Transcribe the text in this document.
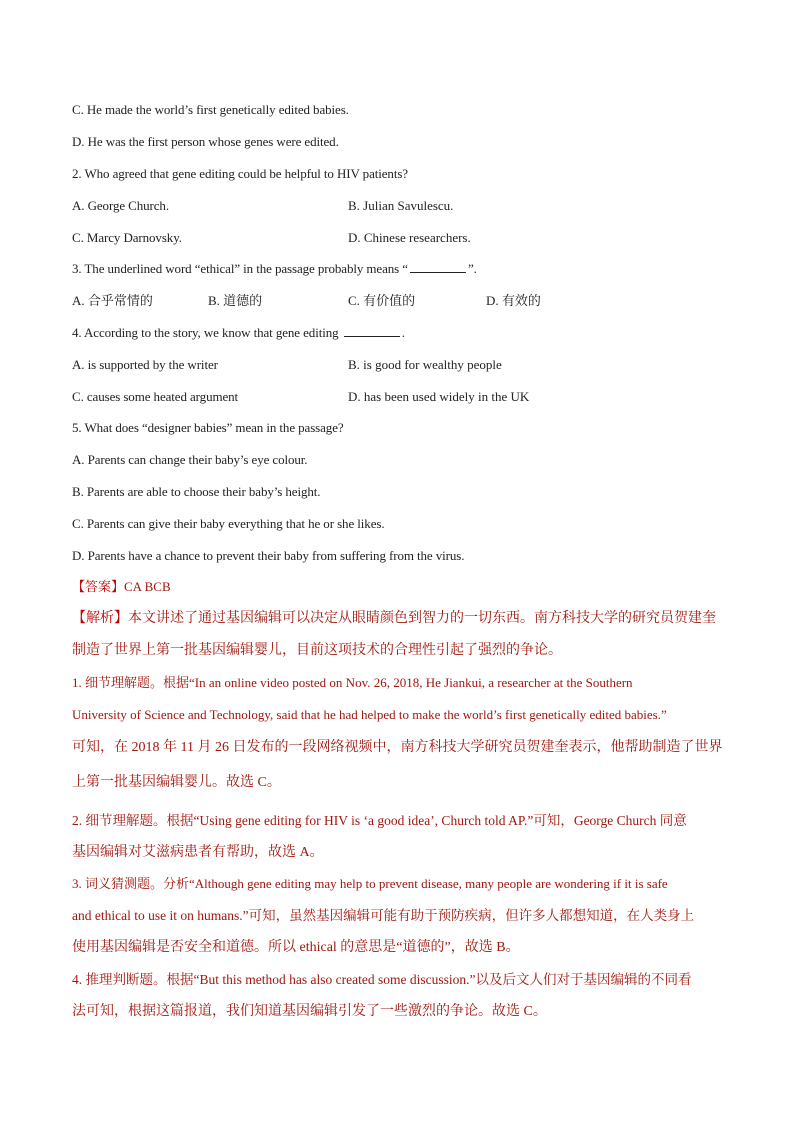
C. He made the world’s first genetically edited babies.
D. He was the first person whose genes were edited.
2. Who agreed that gene editing could be helpful to HIV patients?
A. George Church.	B. Julian Savulescu.
C. Marcy Darnovsky.	D. Chinese researchers.
3. The underlined word “ethical” in the passage probably means “	”.
A. 合乎常情的	B. 道德的	C. 有价值的	D. 有效的
4. According to the story, we know that gene editing	.
A. is supported by the writer	B. is good for wealthy people
C. causes some heated argument	D. has been used widely in the UK
5. What does “designer babies” mean in the passage?
A. Parents can change their baby’s eye colour.
B. Parents are able to choose their baby’s height.
C. Parents can give their baby everything that he or she likes.
D. Parents have a chance to prevent their baby from suffering from the virus.
【答案】CA BCB
【解析】本文讲述了通过基因编辑可以决定从眼睛颜色到智力的一切东西。南方科技大学的研究员贺建奎
制造了世界上第一批基因编辑婴儿，目前这项技术的合理性引起了强烈的争论。
1. 细节理解题。根据“In an online video posted on Nov. 26, 2018, He Jiankui, a researcher at the Southern
University of Science and Technology, said that he had helped to make the world’s first genetically edited babies.”
可知，在 2018 年 11 月 26 日发布的一段网络视频中，南方科技大学研究员贺建奎表示，他帮助制造了世界
上第一批基因编辑婴儿。故选 C。
2. 细节理解题。根据“Using gene editing for HIV is ‘a good idea’, Church told AP.”可知，George Church 同意
基因编辑对艾滋病患者有帮助，故选 A。
3. 词义猜测题。分析“Although gene editing may help to prevent disease, many people are wondering if it is safe
and ethical to use it on humans.”可知，虽然基因编辑可能有助于预防疾病，但许多人都想知道，在人类身上
使用基因编辑是否安全和道德。所以 ethical 的意思是“道德的”，故选 B。
4. 推理判断题。根据“But this method has also created some discussion.”以及后文人们对于基因编辑的不同看
法可知，根据这篇报道，我们知道基因编辑引发了一些激烈的争论。故选 C。
